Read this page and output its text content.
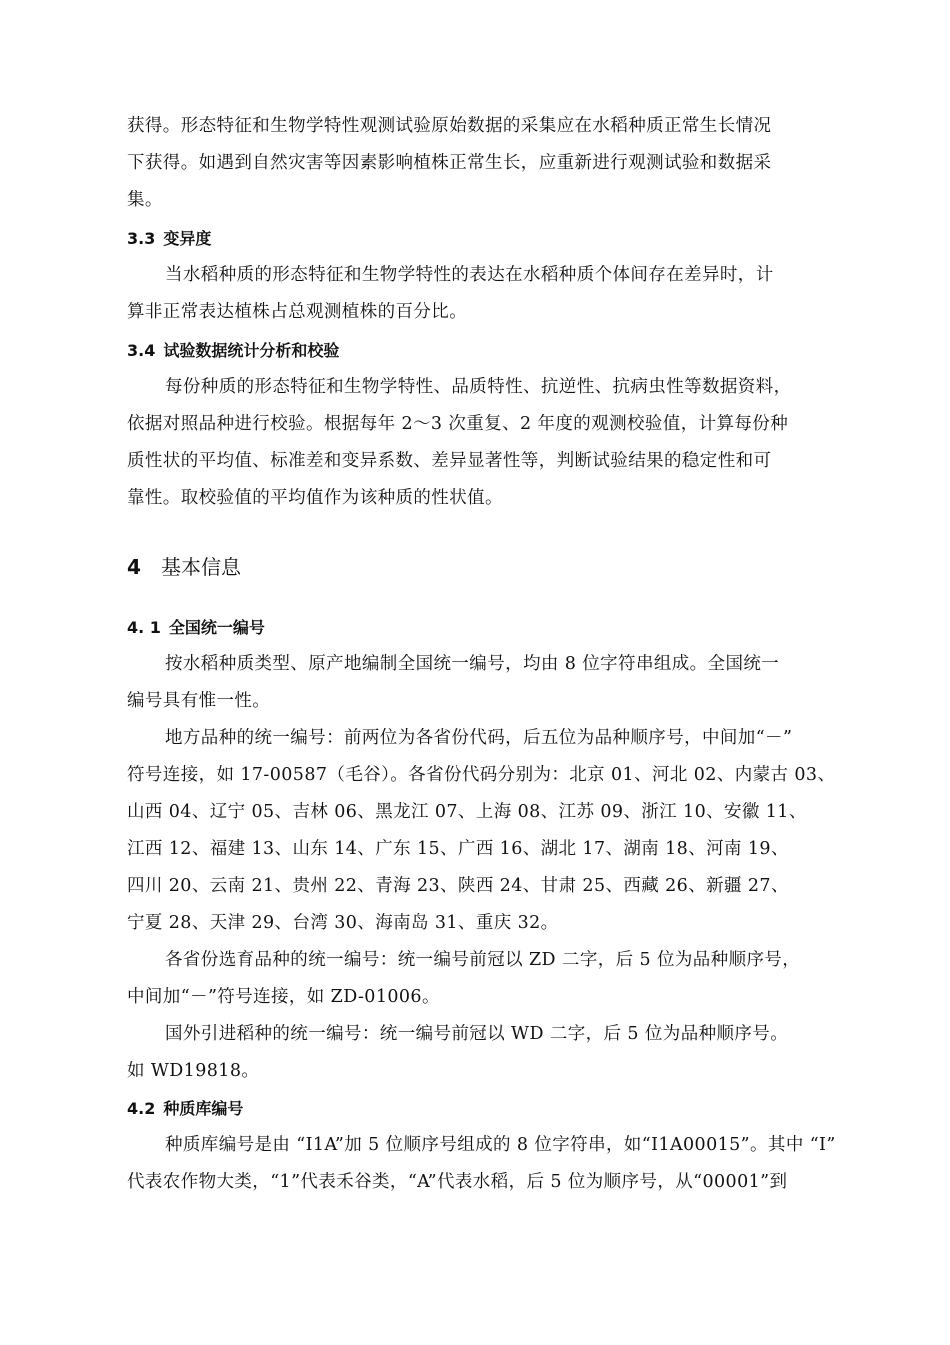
获得。形态特征和生物学特性观测试验原始数据的采集应在水稻种质正常生长情况
下获得。如遇到自然灾害等因素影响植株正常生长，应重新进行观测试验和数据采
集。
3.3 变异度
当水稻种质的形态特征和生物学特性的表达在水稻种质个体间存在差异时，计
算非正常表达植株占总观测植株的百分比。
3.4 试验数据统计分析和校验
每份种质的形态特征和生物学特性、品质特性、抗逆性、抗病虫性等数据资料，
依据对照品种进行校验。根据每年 2～3 次重复、2 年度的观测校验值，计算每份种
质性状的平均值、标准差和变异系数、差异显著性等，判断试验结果的稳定性和可
靠性。取校验值的平均值作为该种质的性状值。
4 基本信息
4. 1 全国统一编号
按水稻种质类型、原产地编制全国统一编号，均由 8 位字符串组成。全国统一
编号具有惟一性。
地方品种的统一编号：前两位为各省份代码，后五位为品种顺序号，中间加“－”
符号连接，如 17-00587（毛谷）。各省份代码分别为：北京 01、河北 02、内蒙古 03、
山西 04、辽宁 05、吉林 06、黑龙江 07、上海 08、江苏 09、浙江 10、安徽 11、
江西 12、福建 13、山东 14、广东 15、广西 16、湖北 17、湖南 18、河南 19、
四川 20、云南 21、贵州 22、青海 23、陕西 24、甘肃 25、西藏 26、新疆 27、
宁夏 28、天津 29、台湾 30、海南岛 31、重庆 32。
各省份选育品种的统一编号：统一编号前冠以 ZD 二字，后 5 位为品种顺序号，
中间加“－”符号连接，如 ZD-01006。
国外引进稻种的统一编号：统一编号前冠以 WD 二字，后 5 位为品种顺序号。
如 WD19818。
4.2 种质库编号
种质库编号是由 “I1A”加 5 位顺序号组成的 8 位字符串，如“I1A00015”。其中 “I”
代表农作物大类，“1”代表禾谷类，“A”代表水稻，后 5 位为顺序号，从“00001”到
